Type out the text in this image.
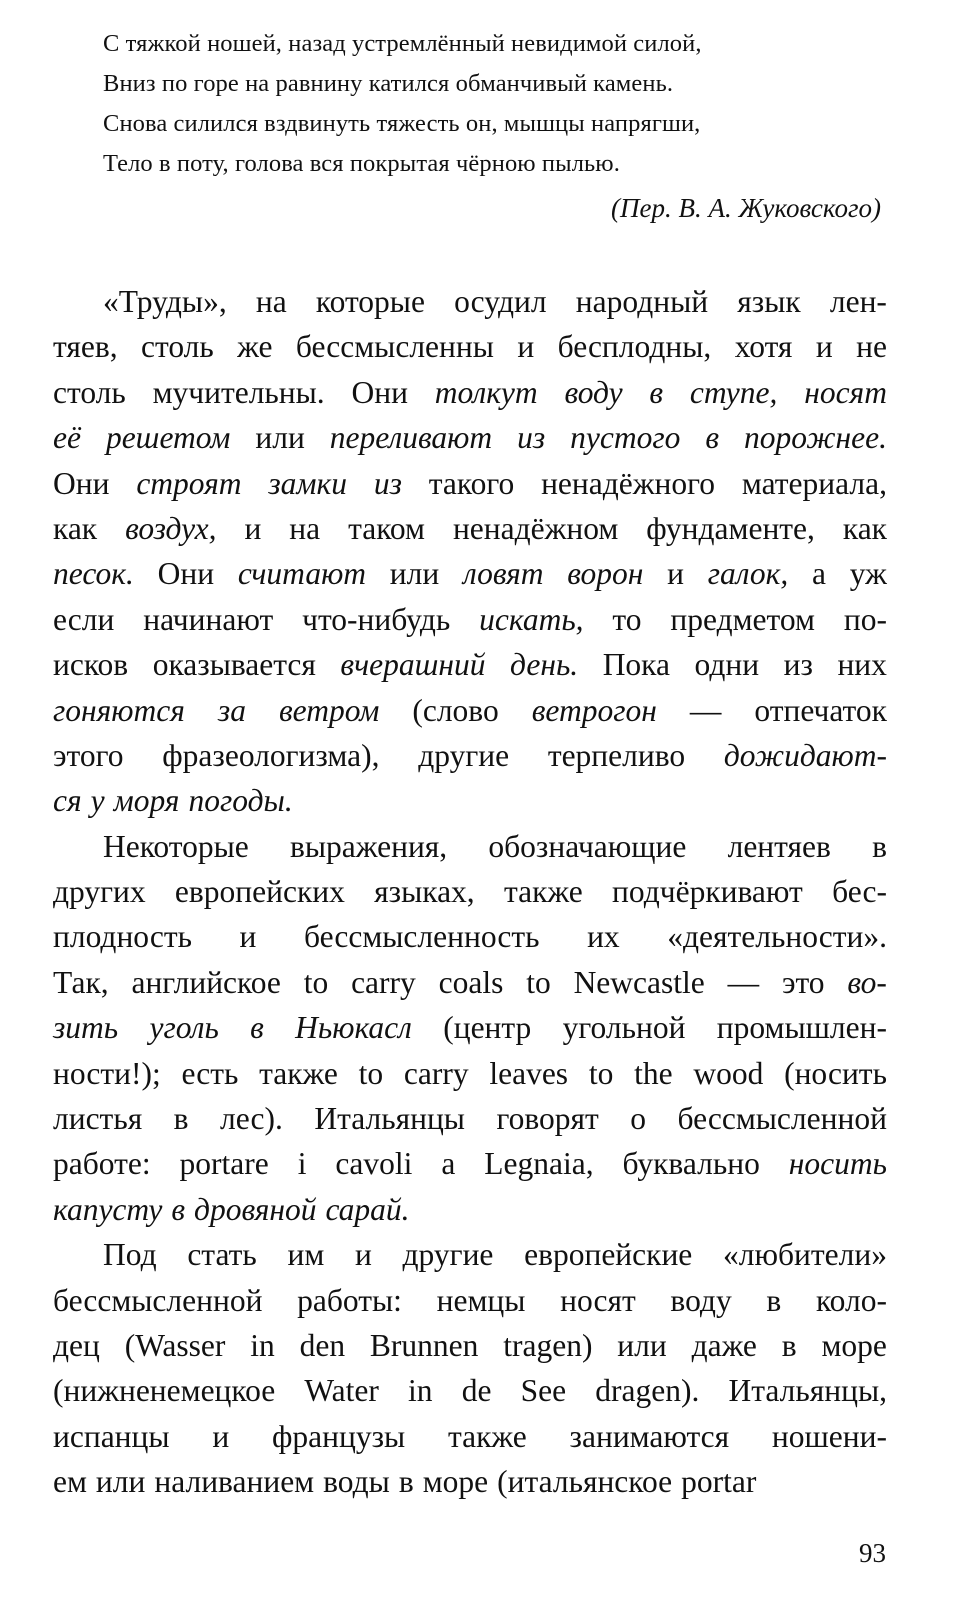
С тяжкой ношей, назад устремлённый невидимой силой,
Вниз по горе на равнину катился обманчивый камень.
Снова силился вздвинуть тяжесть он, мышцы напрягши,
Тело в поту, голова вся покрытая чёрною пылью.
(Пер. В. А. Жуковского)
«Труды», на которые осудил народный язык лен-
тяев, столь же бессмысленны и бесплодны, хотя и не
столь мучительны. Они толкут воду в ступе, носят
её решетом или переливают из пустого в порожнее.
Они строят замки из такого ненадёжного материала,
как воздух, и на таком ненадёжном фундаменте, как
песок. Они считают или ловят ворон и галок, а уж
если начинают что-нибудь искать, то предметом по-
исков оказывается вчерашний день. Пока одни из них
гоняются за ветром (слово ветрогон — отпечаток
этого фразеологизма), другие терпеливо дожидают-
ся у моря погоды.
Некоторые выражения, обозначающие лентяев в
других европейских языках, также подчёркивают бес-
плодность и бессмысленность их «деятельности».
Так, английское to carry coals to Newcastle — это во-
зить уголь в Ньюкасл (центр угольной промышлен-
ности!); есть также to carry leaves to the wood (носить
листья в лес). Итальянцы говорят о бессмысленной
работе: portare i cavoli a Legnaia, буквально носить
капусту в дровяной сарай.
Под стать им и другие европейские «любители»
бессмысленной работы: немцы носят воду в коло-
дец (Wasser in den Brunnen tragen) или даже в море
(нижненемецкое Water in de See dragen). Итальянцы,
испанцы и французы также занимаются ношени-
ем или наливанием воды в море (итальянское portar
93
